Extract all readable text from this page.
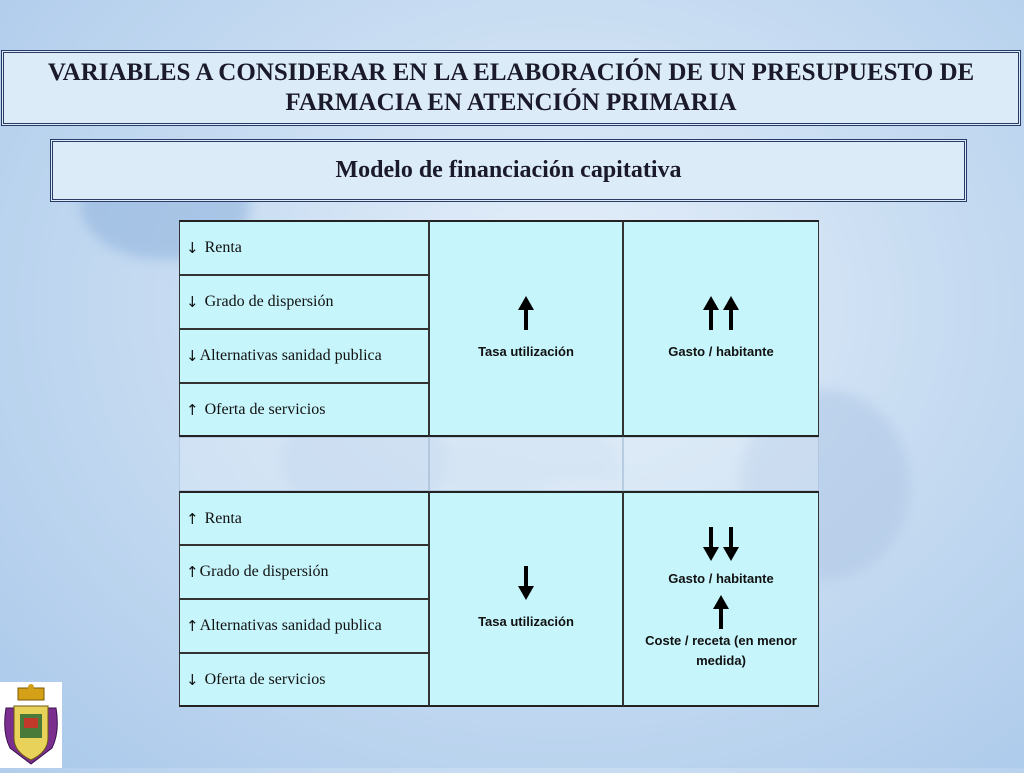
VARIABLES A CONSIDERAR EN LA ELABORACIÓN DE UN PRESUPUESTO DE FARMACIA EN ATENCIÓN PRIMARIA
Modelo de financiación capitativa
↓ Renta
↓ Grado de dispersión
↓ Alternativas sanidad publica
↑ Oferta de servicios
Tasa utilización	Gasto / habitante
↑ Renta
↑ Grado de dispersión
↑ Alternativas sanidad publica
↓ Oferta de servicios
Tasa utilización
Gasto / habitante
Coste / receta (en menor medida)
